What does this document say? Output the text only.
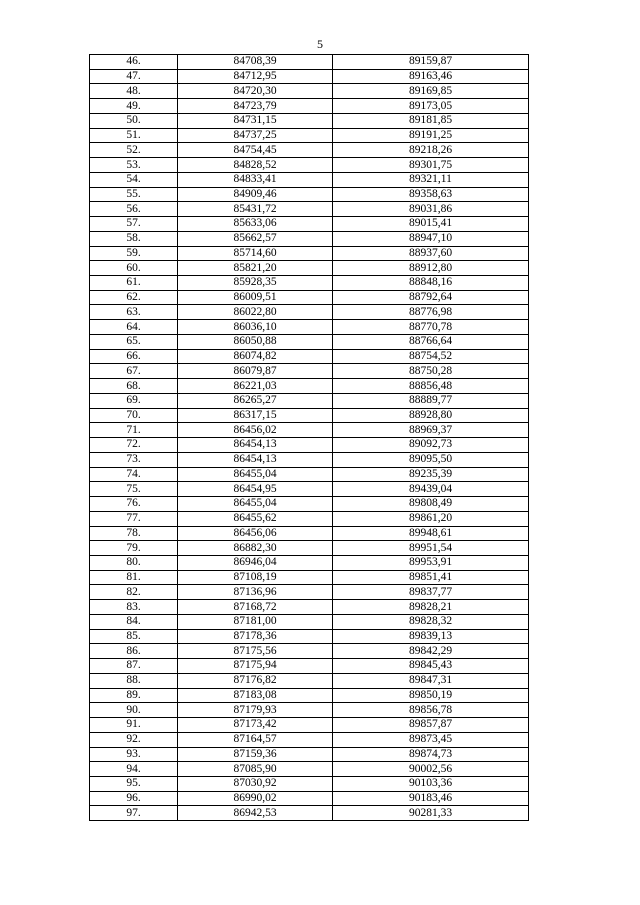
5
46.	84708,39	89159,87
47.	84712,95	89163,46
48.	84720,30	89169,85
49.	84723,79	89173,05
50.	84731,15	89181,85
51.	84737,25	89191,25
52.	84754,45	89218,26
53.	84828,52	89301,75
54.	84833,41	89321,11
55.	84909,46	89358,63
56.	85431,72	89031,86
57.	85633,06	89015,41
58.	85662,57	88947,10
59.	85714,60	88937,60
60.	85821,20	88912,80
61.	85928,35	88848,16
62.	86009,51	88792,64
63.	86022,80	88776,98
64.	86036,10	88770,78
65.	86050,88	88766,64
66.	86074,82	88754,52
67.	86079,87	88750,28
68.	86221,03	88856,48
69.	86265,27	88889,77
70.	86317,15	88928,80
71.	86456,02	88969,37
72.	86454,13	89092,73
73.	86454,13	89095,50
74.	86455,04	89235,39
75.	86454,95	89439,04
76.	86455,04	89808,49
77.	86455,62	89861,20
78.	86456,06	89948,61
79.	86882,30	89951,54
80.	86946,04	89953,91
81.	87108,19	89851,41
82.	87136,96	89837,77
83.	87168,72	89828,21
84.	87181,00	89828,32
85.	87178,36	89839,13
86.	87175,56	89842,29
87.	87175,94	89845,43
88.	87176,82	89847,31
89.	87183,08	89850,19
90.	87179,93	89856,78
91.	87173,42	89857,87
92.	87164,57	89873,45
93.	87159,36	89874,73
94.	87085,90	90002,56
95.	87030,92	90103,36
96.	86990,02	90183,46
97.	86942,53	90281,33
